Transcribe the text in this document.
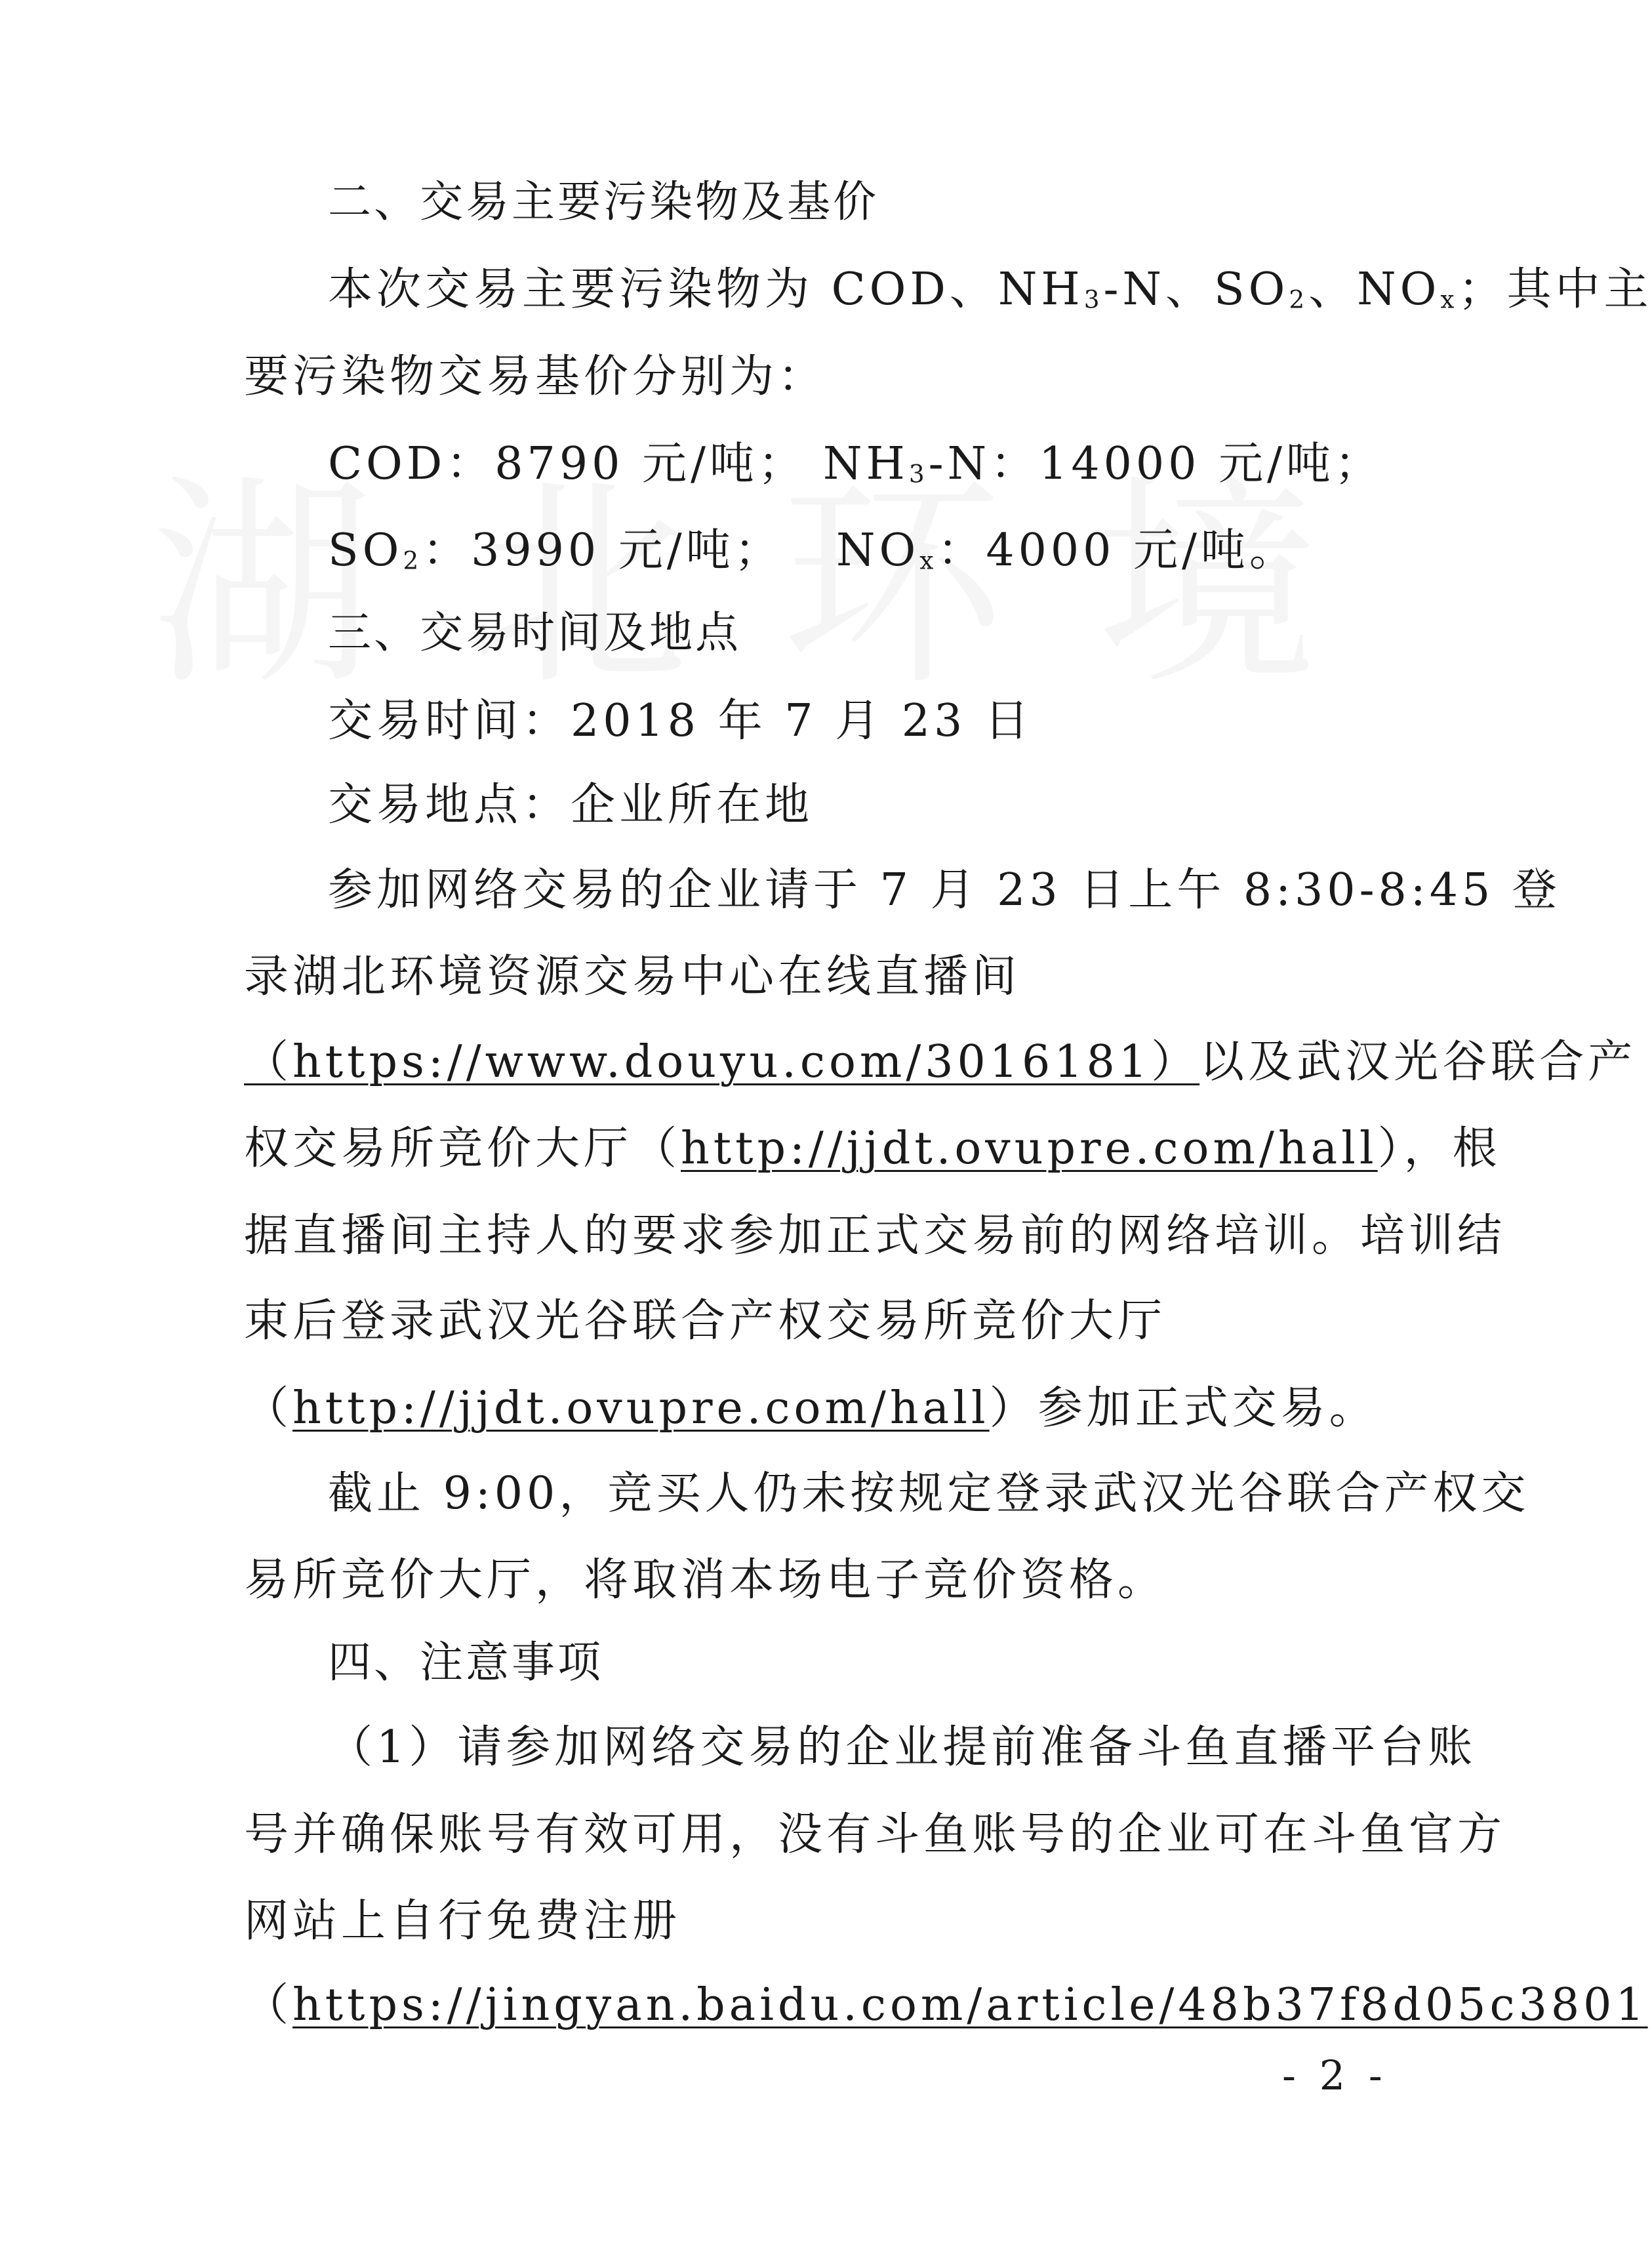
二、交易主要污染物及基价
本次交易主要污染物为 COD、$NH_3-N$、$SO_2$、$NO_x$；其中主
要污染物交易基价分别为：
COD：8790 元/吨； $NH_3-N$：14000 元/吨；
$SO_2$：3990 元/吨； $NO_x$：4000 元/吨。
三、交易时间及地点
交易时间：2018 年 7 月 23 日
交易地点：企业所在地
参加网络交易的企业请于 7 月 23 日上午 8:30-8:45 登
录湖北环境资源交易中心在线直播间
（https://www.douyu.com/3016181）以及武汉光谷联合产
权交易所竞价大厅（http://jjdt.ovupre.com/hall），根
据直播间主持人的要求参加正式交易前的网络培训。培训结
束后登录武汉光谷联合产权交易所竞价大厅
（http://jjdt.ovupre.com/hall）参加正式交易。
截止 9:00，竞买人仍未按规定登录武汉光谷联合产权交
易所竞价大厅，将取消本场电子竞价资格。
四、注意事项
（1）请参加网络交易的企业提前准备斗鱼直播平台账
号并确保账号有效可用，没有斗鱼账号的企业可在斗鱼官方
网站上自行免费注册
（https://jingyan.baidu.com/article/48b37f8d05c3801
- 2 -
